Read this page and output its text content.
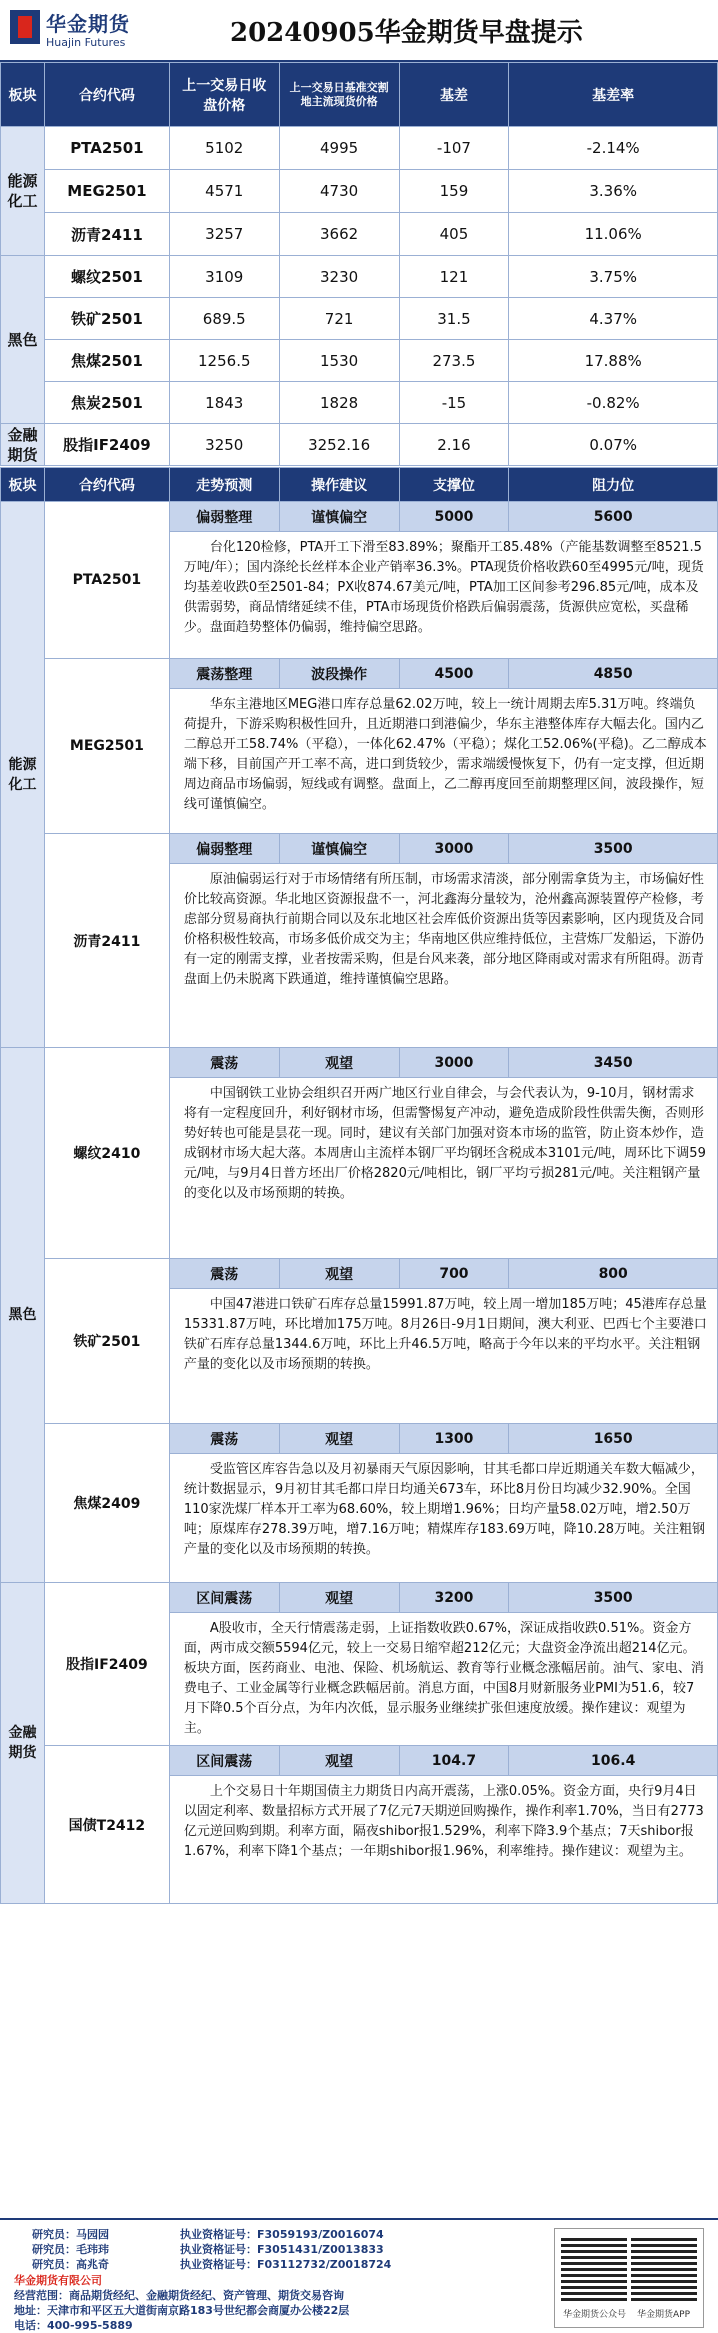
华金期货
Huajin Futures	20240905华金期货早盘提示
板块	合约代码	上一交易日收盘价格	上一交易日基准交割地主流现货价格	基差	基差率
能源化工	PTA2501	5102	4995	-107	-2.14%
	MEG2501	4571	4730	159	3.36%
	沥青2411	3257	3662	405	11.06%
黑色	螺纹2501	3109	3230	121	3.75%
	铁矿2501	689.5	721	31.5	4.37%
	焦煤2501	1256.5	1530	273.5	17.88%
	焦炭2501	1843	1828	-15	-0.82%
金融期货	股指IF2409	3250	3252.16	2.16	0.07%
板块	合约代码	走势预测	操作建议	支撑位	阻力位
能源化工	PTA2501	偏弱整理	谨慎偏空	5000	5600
		台化120检修，PTA开工下滑至83.89%；聚酯开工85.48%（产能基数调整至8521.5万吨/年）；国内涤纶长丝样本企业产销率36.3%。PTA现货价格收跌60至4995元/吨，现货均基差收跌0至2501-84；PX收874.67美元/吨，PTA加工区间参考296.85元/吨，成本及供需弱势，商品情绪延续不佳，PTA市场现货价格跌后偏弱震荡，货源供应宽松，买盘稀少。盘面趋势整体仍偏弱，维持偏空思路。			
	MEG2501	震荡整理	波段操作	4500	4850
		华东主港地区MEG港口库存总量62.02万吨，较上一统计周期去库5.31万吨。终端负荷提升，下游采购积极性回升，且近期港口到港偏少，华东主港整体库存大幅去化。国内乙二醇总开工58.74%（平稳），一体化62.47%（平稳）；煤化工52.06%(平稳)。乙二醇成本端下移，目前国产开工率不高，进口到货较少，需求端缓慢恢复下，仍有一定支撑，但近期周边商品市场偏弱，短线或有调整。盘面上，乙二醇再度回至前期整理区间，波段操作，短线可谨慎偏空。			
	沥青2411	偏弱整理	谨慎偏空	3000	3500
		原油偏弱运行对于市场情绪有所压制，市场需求清淡，部分刚需拿货为主，市场偏好性价比较高资源。华北地区资源报盘不一，河北鑫海分量较为，沧州鑫高源装置停产检修，考虑部分贸易商执行前期合同以及东北地区社会库低价资源出货等因素影响，区内现货及合同价格积极性较高，市场多低价成交为主；华南地区供应维持低位，主营炼厂发船运，下游仍有一定的刚需支撑，业者按需采购，但是台风来袭，部分地区降雨或对需求有所阻碍。沥青盘面上仍未脱离下跌通道，维持谨慎偏空思路。			
黑色	螺纹2410	震荡	观望	3000	3450
		中国钢铁工业协会组织召开两广地区行业自律会，与会代表认为，9-10月，钢材需求将有一定程度回升，利好钢材市场，但需警惕复产冲动，避免造成阶段性供需失衡，否则形势好转也可能是昙花一现。同时，建议有关部门加强对资本市场的监管，防止资本炒作，造成钢材市场大起大落。本周唐山主流样本钢厂平均钢坯含税成本3101元/吨，周环比下调59元/吨，与9月4日普方坯出厂价格2820元/吨相比，钢厂平均亏损281元/吨。关注粗钢产量的变化以及市场预期的转换。			
	铁矿2501	震荡	观望	700	800
		中国47港进口铁矿石库存总量15991.87万吨，较上周一增加185万吨；45港库存总量15331.87万吨，环比增加175万吨。8月26日-9月1日期间，澳大利亚、巴西七个主要港口铁矿石库存总量1344.6万吨，环比上升46.5万吨，略高于今年以来的平均水平。关注粗钢产量的变化以及市场预期的转换。			
	焦煤2409	震荡	观望	1300	1650
		受监管区库容告急以及月初暴雨天气原因影响，甘其毛都口岸近期通关车数大幅减少，统计数据显示，9月初甘其毛都口岸日均通关673车，环比8月份日均减少32.90%。全国110家洗煤厂样本开工率为68.60%，较上期增1.96%；日均产量58.02万吨，增2.50万吨；原煤库存278.39万吨，增7.16万吨；精煤库存183.69万吨，降10.28万吨。关注粗钢产量的变化以及市场预期的转换。			
金融期货	股指IF2409	区间震荡	观望	3200	3500
		A股收市，全天行情震荡走弱，上证指数收跌0.67%，深证成指收跌0.51%。资金方面，两市成交额5594亿元，较上一交易日缩窄超212亿元；大盘资金净流出超214亿元。板块方面，医药商业、电池、保险、机场航运、教育等行业概念涨幅居前。油气、家电、消费电子、工业金属等行业概念跌幅居前。消息方面，中国8月财新服务业PMI为51.6，较7月下降0.5个百分点，为年内次低，显示服务业继续扩张但速度放缓。操作建议：观望为主。			
	国债T2412	区间震荡	观望	104.7	106.4
		上个交易日十年期国债主力期货日内高开震荡，上涨0.05%。资金方面，央行9月4日以固定利率、数量招标方式开展了7亿元7天期逆回购操作，操作利率1.70%，当日有2773亿元逆回购到期。利率方面，隔夜shibor报1.529%，利率下降3.9个基点；7天shibor报1.67%，利率下降1个基点；一年期shibor报1.96%，利率维持。操作建议：观望为主。			
研究员：马园园	执业资格证号：F3059193/Z0016074
研究员：毛玮玮	执业资格证号：F3051431/Z0013833
研究员：高兆奇	执业资格证号：F03112732/Z0018724
华金期货有限公司
经营范围：商品期货经纪、金融期货经纪、资产管理、期货交易咨询
地址：天津市和平区五大道街南京路183号世纪都会商厦办公楼22层
电话：400-995-5889
华金期货公众号 华金期货APP
